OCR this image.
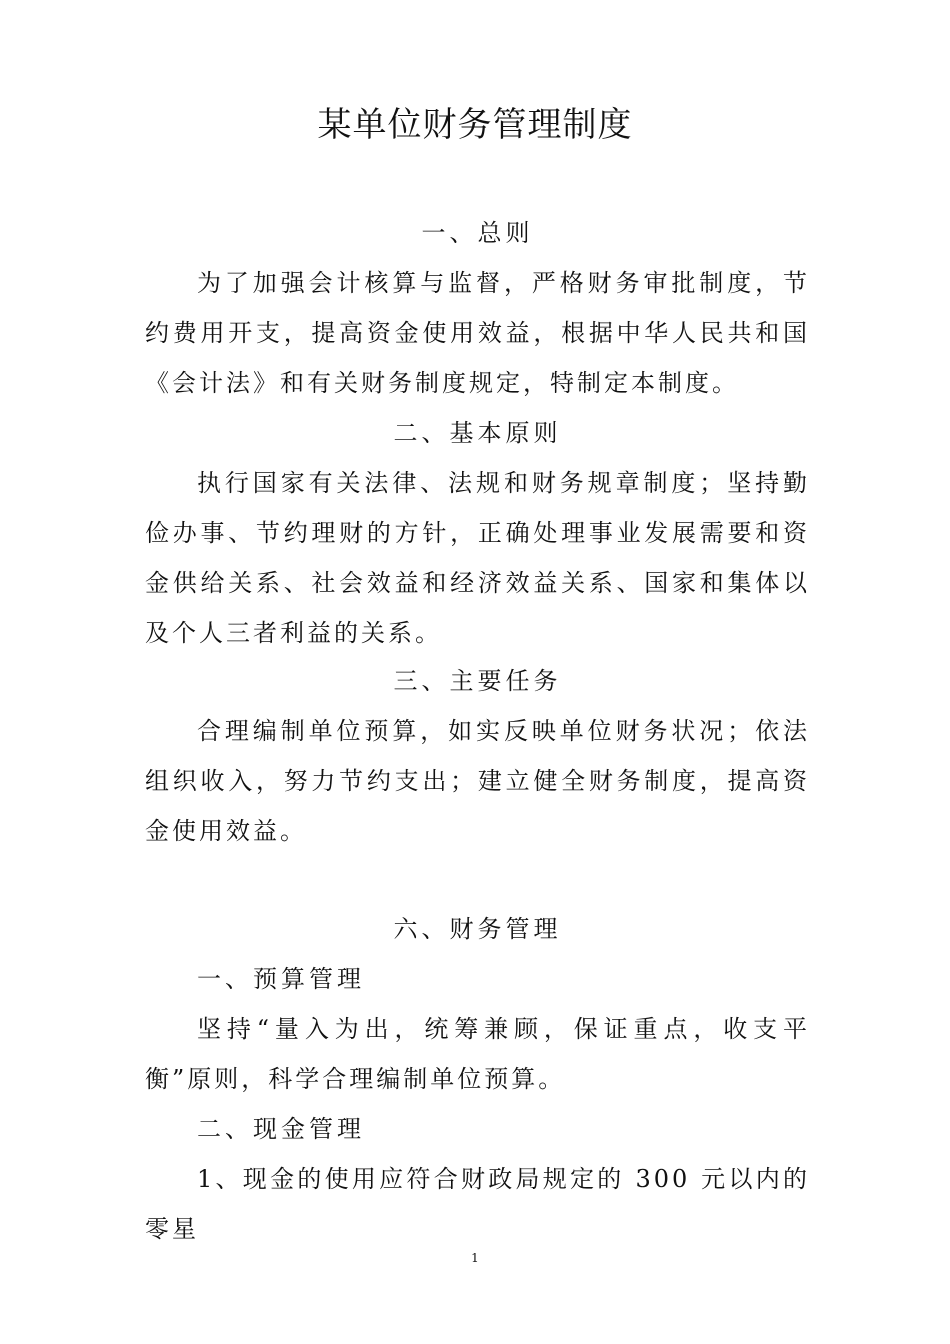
某单位财务管理制度
一、总则
为了加强会计核算与监督，严格财务审批制度，节约费用开支，提高资金使用效益，根据中华人民共和国《会计法》和有关财务制度规定，特制定本制度。
二、基本原则
执行国家有关法律、法规和财务规章制度；坚持勤俭办事、节约理财的方针，正确处理事业发展需要和资金供给关系、社会效益和经济效益关系、国家和集体以及个人三者利益的关系。
三、主要任务
合理编制单位预算，如实反映单位财务状况；依法组织收入，努力节约支出；建立健全财务制度，提高资金使用效益。
六、财务管理
一、预算管理
坚持“量入为出，统筹兼顾，保证重点，收支平衡”原则，科学合理编制单位预算。
二、现金管理
1、现金的使用应符合财政局规定的 300 元以内的零星
1
